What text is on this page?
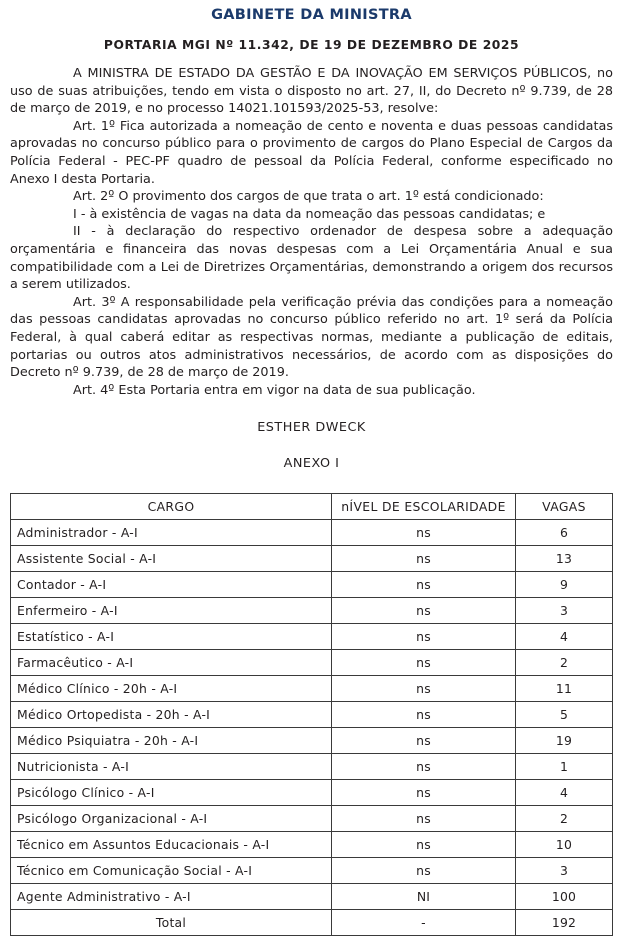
GABINETE DA MINISTRA
PORTARIA MGI Nº 11.342, DE 19 DE DEZEMBRO DE 2025

A MINISTRA DE ESTADO DA GESTÃO E DA INOVAÇÃO EM SERVIÇOS PÚBLICOS, no uso de suas atribuições, tendo em vista o disposto no art. 27, II, do Decreto nº 9.739, de 28 de março de 2019, e no processo 14021.101593/2025-53, resolve:

Art. 1º Fica autorizada a nomeação de cento e noventa e duas pessoas candidatas aprovadas no concurso público para o provimento de cargos do Plano Especial de Cargos da Polícia Federal - PEC-PF quadro de pessoal da Polícia Federal, conforme especificado no Anexo I desta Portaria.

Art. 2º O provimento dos cargos de que trata o art. 1º está condicionado:

I - à existência de vagas na data da nomeação das pessoas candidatas; e

II - à declaração do respectivo ordenador de despesa sobre a adequação orçamentária e financeira das novas despesas com a Lei Orçamentária Anual e sua compatibilidade com a Lei de Diretrizes Orçamentárias, demonstrando a origem dos recursos a serem utilizados.

Art. 3º A responsabilidade pela verificação prévia das condições para a nomeação das pessoas candidatas aprovadas no concurso público referido no art. 1º será da Polícia Federal, à qual caberá editar as respectivas normas, mediante a publicação de editais, portarias ou outros atos administrativos necessários, de acordo com as disposições do Decreto nº 9.739, de 28 de março de 2019.

Art. 4º Esta Portaria entra em vigor na data de sua publicação.

ESTHER DWECK
ANEXO I
CARGO	nÍVEL DE ESCOLARIDADE	VAGAS
Administrador - A-I	ns	6
Assistente Social - A-I	ns	13
Contador - A-I	ns	9
Enfermeiro - A-I	ns	3
Estatístico - A-I	ns	4
Farmacêutico - A-I	ns	2
Médico Clínico - 20h - A-I	ns	11
Médico Ortopedista - 20h - A-I	ns	5
Médico Psiquiatra - 20h - A-I	ns	19
Nutricionista - A-I	ns	1
Psicólogo Clínico - A-I	ns	4
Psicólogo Organizacional - A-I	ns	2
Técnico em Assuntos Educacionais - A-I	ns	10
Técnico em Comunicação Social - A-I	ns	3
Agente Administrativo - A-I	NI	100
Total	-	192
